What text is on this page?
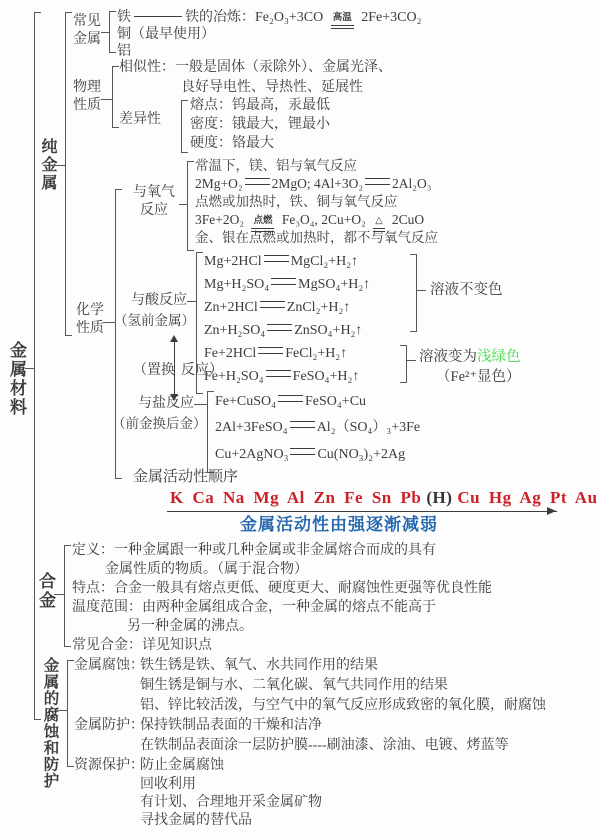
金属材料
纯金属
常见
金属
铁	铁的冶炼：Fe₂O₃+3CO 高温 2Fe+3CO₂
铜（最早使用）
铝
物理
性质
相似性：一般是固体（汞除外）、金属光泽、
良好导电性、导热性、延展性
差异性
熔点：钨最高，汞最低
密度：锇最大，锂最小
硬度：铬最大
化学
性质
与氧气
反应
常温下，镁、铝与氧气反应
2Mg+O₂ 2MgO; 4Al+3O₂ 2Al₂O₃
点燃或加热时，铁、铜与氧气反应
3Fe+2O₂ 点燃 Fe₃O₄, 2Cu+O₂ △ 2CuO
金、银在点燃或加热时，都不与氧气反应
与酸反应
（氢前金属）
Mg+2HCl MgCl₂+H₂↑
Mg+H₂SO₄ MgSO₄+H₂↑
Zn+2HCl ZnCl₂+H₂↑
Zn+H₂SO₄ ZnSO₄+H₂↑
Fe+2HCl FeCl₂+H₂↑
Fe+H₂SO₄ FeSO₄+H₂↑
溶液不变色
溶液变为浅绿色
（Fe²⁺显色）
（置换 反应）
与盐反应
（前金换后金）
Fe+CuSO₄ FeSO₄+Cu
2Al+3FeSO₄ Al₂（SO₄）₃+3Fe
Cu+2AgNO₃ Cu(NO₃)₂+2Ag
金属活动性顺序
K Ca Na Mg Al Zn Fe Sn Pb (H) Cu Hg Ag Pt Au
金属活动性由强逐渐减弱
合金
定义：一种金属跟一种或几种金属或非金属熔合而成的具有
金属性质的物质。（属于混合物）
特点：合金一般具有熔点更低、硬度更大、耐腐蚀性更强等优良性能
温度范围：由两种金属组成合金，一种金属的熔点不能高于
另一种金属的沸点。
常见合金：详见知识点
金属的腐蚀和防护 金属腐蚀：
铁生锈是铁、氧气、水共同作用的结果
铜生锈是铜与水、二氧化碳、氧气共同作用的结果
铝、锌比较活泼，与空气中的氧气反应形成致密的氧化膜，耐腐蚀
金属防护：
保持铁制品表面的干燥和洁净
在铁制品表面涂一层防护膜----刷油漆、涂油、电镀、烤蓝等
资源保护：
防止金属腐蚀
回收利用
有计划、合理地开采金属矿物
寻找金属的替代品
